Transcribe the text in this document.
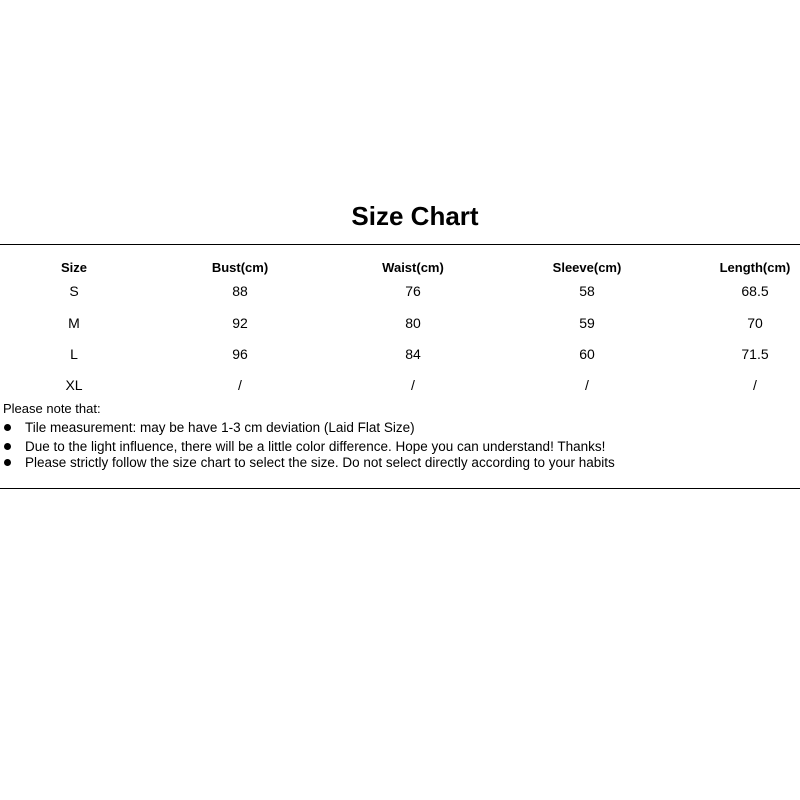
Size Chart
Size	Bust(cm)	Waist(cm)	Sleeve(cm)	Length(cm)
S	88	76	58	68.5
M	92	80	59	70
L	96	84	60	71.5
XL	/	/	/	/
Please note that:
Tile measurement: may be have 1-3 cm deviation (Laid Flat Size)
Due to the light influence, there will be a little color difference. Hope you can understand! Thanks!
Please strictly follow the size chart to select the size. Do not select directly according to your habits
